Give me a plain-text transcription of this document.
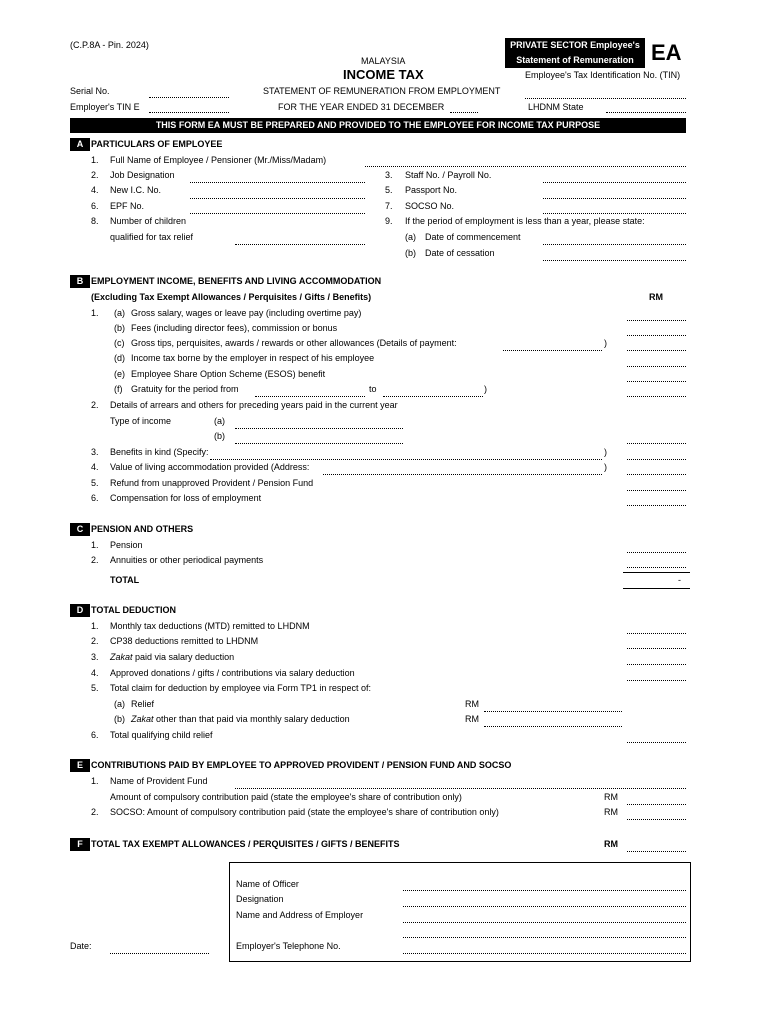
(C.P.8A - Pin. 2024)
MALAYSIA
INCOME TAX
PRIVATE SECTOR Employee's
Statement of Remuneration EA
Employee's Tax Identification No. (TIN)
Serial No.	STATEMENT OF REMUNERATION FROM EMPLOYMENT
Employer's TIN E	FOR THE YEAR ENDED 31 DECEMBER	LHDNM State
THIS FORM EA MUST BE PREPARED AND PROVIDED TO THE EMPLOYEE FOR INCOME TAX PURPOSE
A PARTICULARS OF EMPLOYEE
1. Full Name of Employee / Pensioner (Mr./Miss/Madam)
2. Job Designation	3. Staff No. / Payroll No.
4. New I.C. No.	5. Passport No.
6. EPF No.	7. SOCSO No.
8. Number of children
qualified for tax relief
9. If the period of employment is less than a year, please state:
(a) Date of commencement
(b) Date of cessation
B EMPLOYMENT INCOME, BENEFITS AND LIVING ACCOMMODATION
(Excluding Tax Exempt Allowances / Perquisites / Gifts / Benefits)	RM
1. (a) Gross salary, wages or leave pay (including overtime pay)
(b) Fees (including director fees), commission or bonus
(c) Gross tips, perquisites, awards / rewards or other allowances (Details of payment:	)
(d) Income tax borne by the employer in respect of his employee
(e) Employee Share Option Scheme (ESOS) benefit
(f) Gratuity for the period from	to	)
2. Details of arrears and others for preceding years paid in the current year
Type of income	(a)
(b)
3. Benefits in kind (Specify:	)
4. Value of living accommodation provided (Address:	)
5. Refund from unapproved Provident / Pension Fund
6. Compensation for loss of employment
C PENSION AND OTHERS
1. Pension
2. Annuities or other periodical payments
TOTAL	-
D TOTAL DEDUCTION
1. Monthly tax deductions (MTD) remitted to LHDNM
2. CP38 deductions remitted to LHDNM
3. Zakat paid via salary deduction
4. Approved donations / gifts / contributions via salary deduction
5. Total claim for deduction by employee via Form TP1 in respect of:
(a) Relief	RM
(b) Zakat other than that paid via monthly salary deduction	RM
6. Total qualifying child relief
E CONTRIBUTIONS PAID BY EMPLOYEE TO APPROVED PROVIDENT / PENSION FUND AND SOCSO
1. Name of Provident Fund
Amount of compulsory contribution paid (state the employee's share of contribution only)	RM
2. SOCSO: Amount of compulsory contribution paid (state the employee's share of contribution only)	RM
F TOTAL TAX EXEMPT ALLOWANCES / PERQUISITES / GIFTS / BENEFITS	RM
Name of Officer
Designation
Name and Address of Employer
Employer's Telephone No.
Date:
